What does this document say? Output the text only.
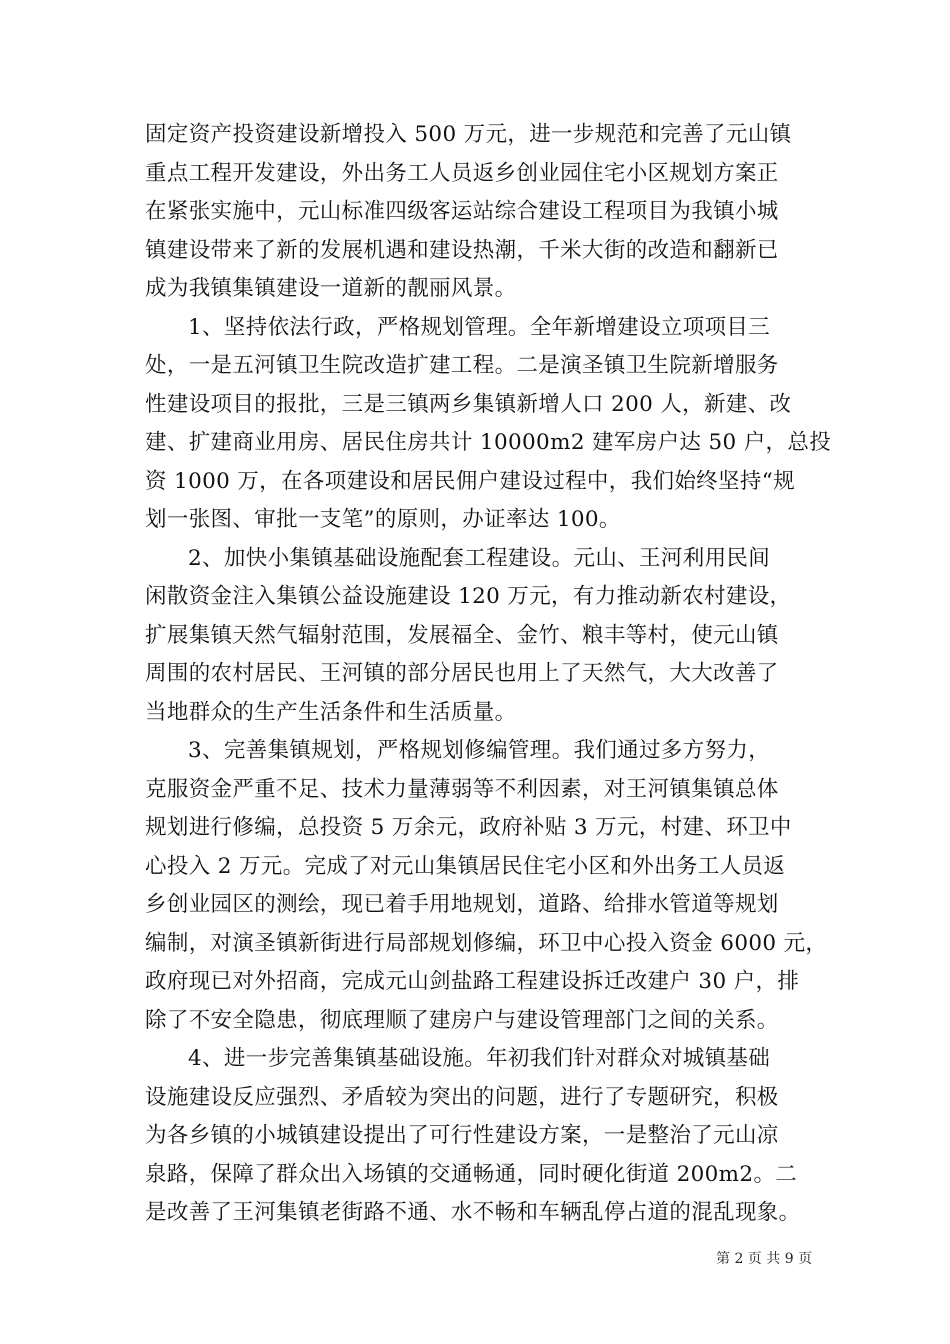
固定资产投资建设新增投入 500 万元，进一步规范和完善了元山镇
重点工程开发建设，外出务工人员返乡创业园住宅小区规划方案正
在紧张实施中，元山标准四级客运站综合建设工程项目为我镇小城
镇建设带来了新的发展机遇和建设热潮，千米大街的改造和翻新已
成为我镇集镇建设一道新的靓丽风景。
1、坚持依法行政，严格规划管理。全年新增建设立项项目三
处，一是五河镇卫生院改造扩建工程。二是演圣镇卫生院新增服务
性建设项目的报批，三是三镇两乡集镇新增人口 200 人，新建、改
建、扩建商业用房、居民住房共计 10000m2 建军房户达 50 户，总投
资 1000 万，在各项建设和居民佣户建设过程中，我们始终坚持“规
划一张图、审批一支笔”的原则，办证率达 100。
2、加快小集镇基础设施配套工程建设。元山、王河利用民间
闲散资金注入集镇公益设施建设 120 万元，有力推动新农村建设，
扩展集镇天然气辐射范围，发展福全、金竹、粮丰等村，使元山镇
周围的农村居民、王河镇的部分居民也用上了天然气，大大改善了
当地群众的生产生活条件和生活质量。
3、完善集镇规划，严格规划修编管理。我们通过多方努力，
克服资金严重不足、技术力量薄弱等不利因素，对王河镇集镇总体
规划进行修编，总投资 5 万余元，政府补贴 3 万元，村建、环卫中
心投入 2 万元。完成了对元山集镇居民住宅小区和外出务工人员返
乡创业园区的测绘，现已着手用地规划，道路、给排水管道等规划
编制，对演圣镇新街进行局部规划修编，环卫中心投入资金 6000 元，
政府现已对外招商，完成元山剑盐路工程建设拆迁改建户 30 户，排
除了不安全隐患，彻底理顺了建房户与建设管理部门之间的关系。
4、进一步完善集镇基础设施。年初我们针对群众对城镇基础
设施建设反应强烈、矛盾较为突出的问题，进行了专题研究，积极
为各乡镇的小城镇建设提出了可行性建设方案，一是整治了元山凉
泉路，保障了群众出入场镇的交通畅通，同时硬化街道 200m2。二
是改善了王河集镇老街路不通、水不畅和车辆乱停占道的混乱现象。
第 2 页 共 9 页
